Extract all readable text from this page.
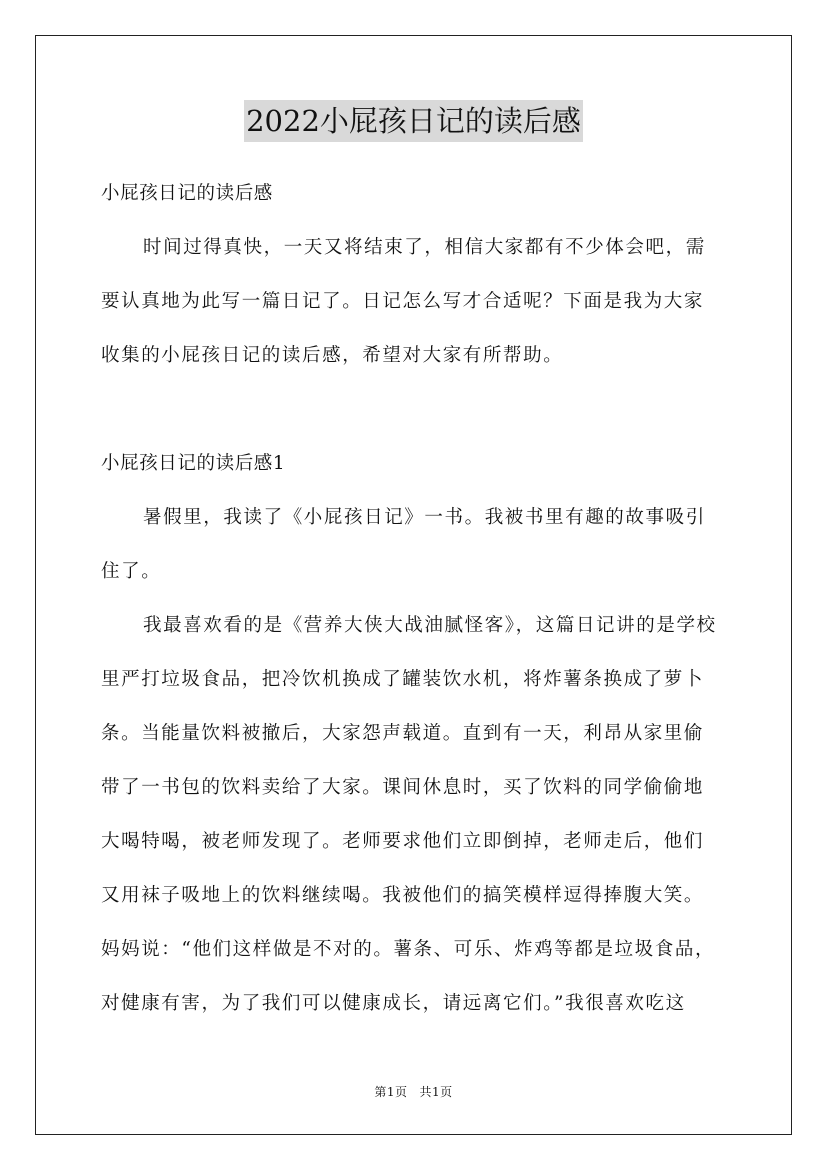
2022小屁孩日记的读后感
小屁孩日记的读后感
时间过得真快，一天又将结束了，相信大家都有不少体会吧，需
要认真地为此写一篇日记了。日记怎么写才合适呢？下面是我为大家
收集的小屁孩日记的读后感，希望对大家有所帮助。
小屁孩日记的读后感1
暑假里，我读了《小屁孩日记》一书。我被书里有趣的故事吸引
住了。
我最喜欢看的是《营养大侠大战油腻怪客》，这篇日记讲的是学校
里严打垃圾食品，把冷饮机换成了罐装饮水机，将炸薯条换成了萝卜
条。当能量饮料被撤后，大家怨声载道。直到有一天，利昂从家里偷
带了一书包的饮料卖给了大家。课间休息时，买了饮料的同学偷偷地
大喝特喝，被老师发现了。老师要求他们立即倒掉，老师走后，他们
又用袜子吸地上的饮料继续喝。我被他们的搞笑模样逗得捧腹大笑。
妈妈说：“他们这样做是不对的。薯条、可乐、炸鸡等都是垃圾食品，
对健康有害，为了我们可以健康成长，请远离它们。”我很喜欢吃这
第1页 共1页
